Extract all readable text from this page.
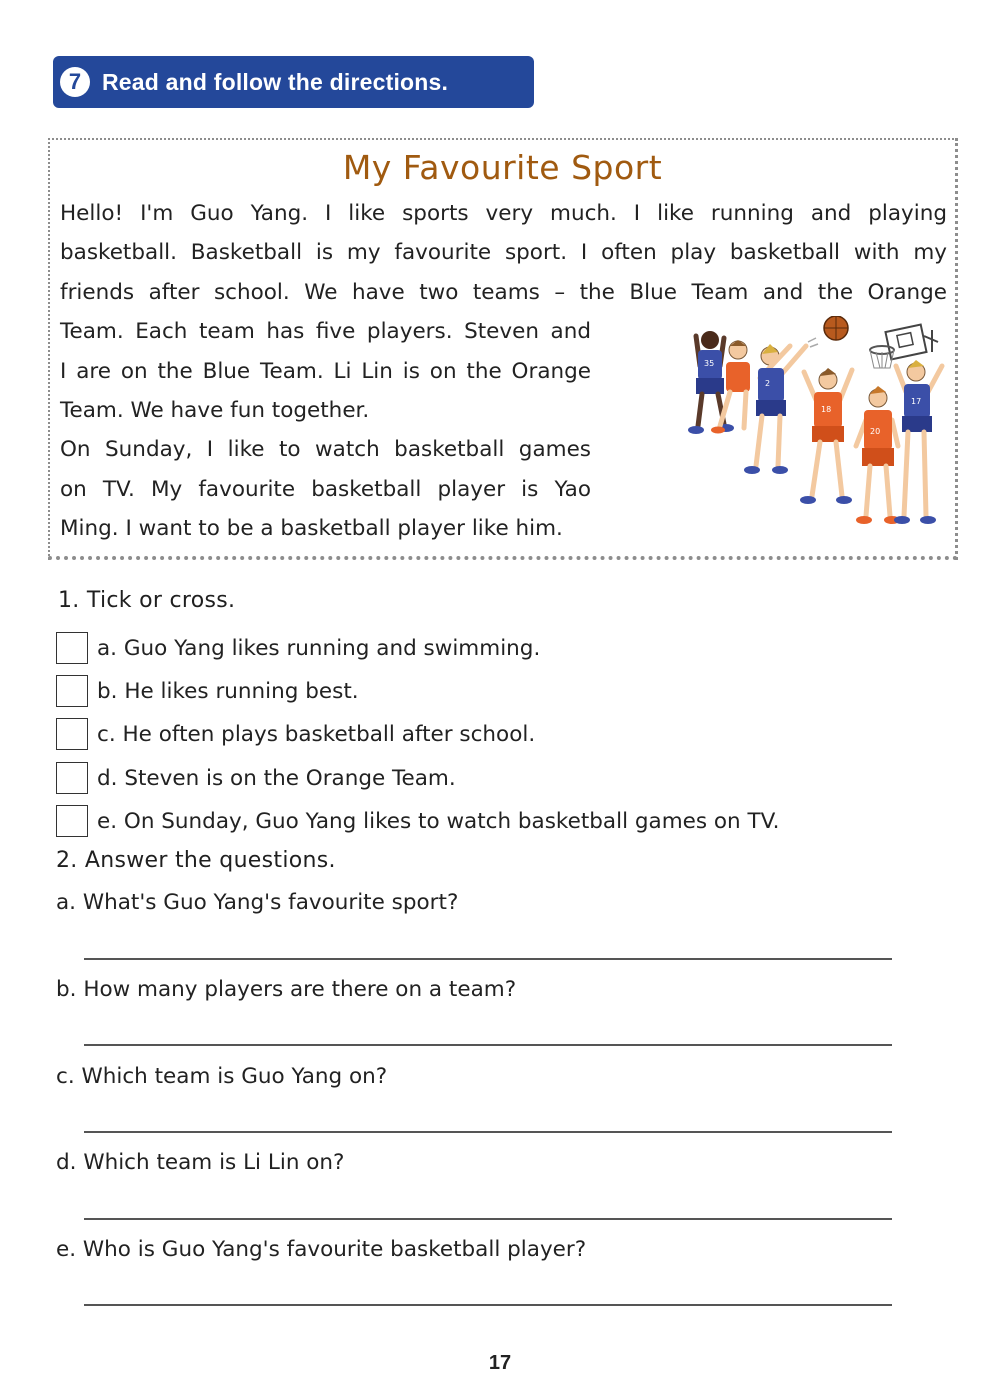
7 Read and follow the directions.
My Favourite Sport

Hello! I'm Guo Yang. I like sports very much. I like running and playing

basketball. Basketball is my favourite sport. I often play basketball with my

friends after school. We have two teams – the Blue Team and the Orange

Team. Each team has five players. Steven and

I are on the Blue Team. Li Lin is on the Orange

Team. We have fun together.

On Sunday, I like to watch basketball games

on TV. My favourite basketball player is Yao

Ming. I want to be a basketball player like him.

35
2
18
20
17
1. Tick or cross.
a. Guo Yang likes running and swimming.
b. He likes running best.
c. He often plays basketball after school.
d. Steven is on the Orange Team.
e. On Sunday, Guo Yang likes to watch basketball games on TV.
2. Answer the questions.
a. What's Guo Yang's favourite sport?
b. How many players are there on a team?
c. Which team is Guo Yang on?
d. Which team is Li Lin on?
e. Who is Guo Yang's favourite basketball player?
17
